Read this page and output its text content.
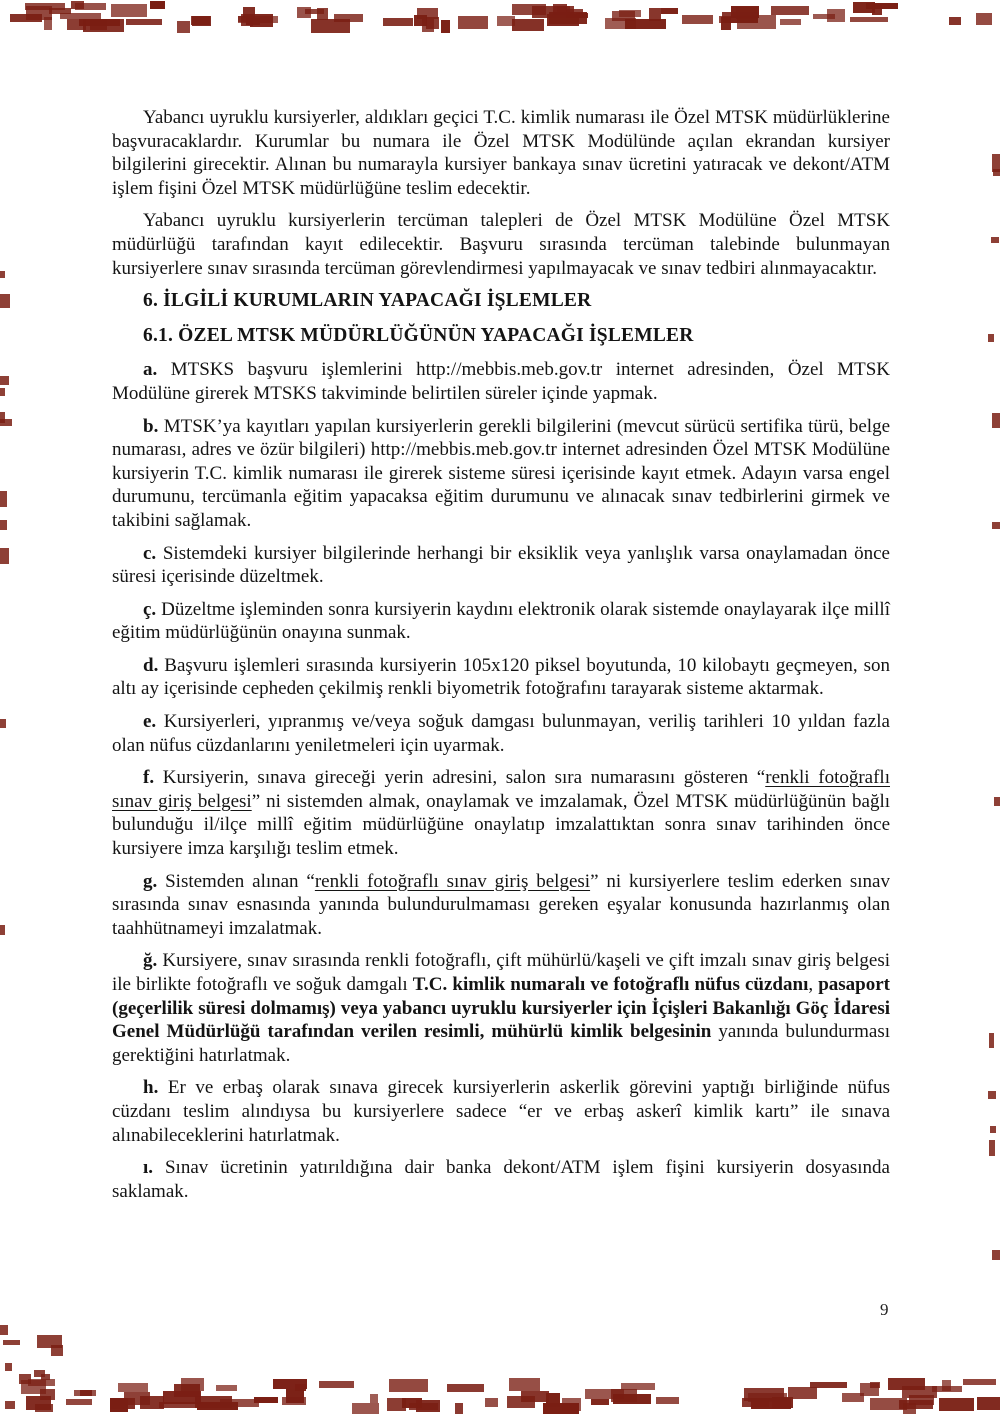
Yabancı uyruklu kursiyerler, aldıkları geçici T.C. kimlik numarası ile Özel MTSK müdürlüklerine başvuracaklardır. Kurumlar bu numara ile Özel MTSK Modülünde açılan ekrandan kursiyer bilgilerini girecektir. Alınan bu numarayla kursiyer bankaya sınav ücretini yatıracak ve dekont/ATM işlem fişini Özel MTSK müdürlüğüne teslim edecektir.

Yabancı uyruklu kursiyerlerin tercüman talepleri de Özel MTSK Modülüne Özel MTSK müdürlüğü tarafından kayıt edilecektir. Başvuru sırasında tercüman talebinde bulunmayan kursiyerlere sınav sırasında tercüman görevlendirmesi yapılmayacak ve sınav tedbiri alınmayacaktır.

6. İLGİLİ KURUMLARIN YAPACAĞI İŞLEMLER

6.1. ÖZEL MTSK MÜDÜRLÜĞÜNÜN YAPACAĞI İŞLEMLER

a. MTSKS başvuru işlemlerini http://mebbis.meb.gov.tr internet adresinden, Özel MTSK Modülüne girerek MTSKS takviminde belirtilen süreler içinde yapmak.

b. MTSK’ya kayıtları yapılan kursiyerlerin gerekli bilgilerini (mevcut sürücü sertifika türü, belge numarası, adres ve özür bilgileri) http://mebbis.meb.gov.tr internet adresinden Özel MTSK Modülüne kursiyerin T.C. kimlik numarası ile girerek sisteme süresi içerisinde kayıt etmek. Adayın varsa engel durumunu, tercümanla eğitim yapacaksa eğitim durumunu ve alınacak sınav tedbirlerini girmek ve takibini sağlamak.

c. Sistemdeki kursiyer bilgilerinde herhangi bir eksiklik veya yanlışlık varsa onaylamadan önce süresi içerisinde düzeltmek.

ç. Düzeltme işleminden sonra kursiyerin kaydını elektronik olarak sistemde onaylayarak ilçe millî eğitim müdürlüğünün onayına sunmak.

d. Başvuru işlemleri sırasında kursiyerin 105x120 piksel boyutunda, 10 kilobaytı geçmeyen, son altı ay içerisinde cepheden çekilmiş renkli biyometrik fotoğrafını tarayarak sisteme aktarmak.

e. Kursiyerleri, yıpranmış ve/veya soğuk damgası bulunmayan, veriliş tarihleri 10 yıldan fazla olan nüfus cüzdanlarını yeniletmeleri için uyarmak.

f. Kursiyerin, sınava gireceği yerin adresini, salon sıra numarasını gösteren “renkli fotoğraflı sınav giriş belgesi” ni sistemden almak, onaylamak ve imzalamak, Özel MTSK müdürlüğünün bağlı bulunduğu il/ilçe millî eğitim müdürlüğüne onaylatıp imzalattıktan sonra sınav tarihinden önce kursiyere imza karşılığı teslim etmek.

g. Sistemden alınan “renkli fotoğraflı sınav giriş belgesi” ni kursiyerlere teslim ederken sınav sırasında sınav esnasında yanında bulundurulmaması gereken eşyalar konusunda hazırlanmış olan taahhütnameyi imzalatmak.

ğ. Kursiyere, sınav sırasında renkli fotoğraflı, çift mühürlü/kaşeli ve çift imzalı sınav giriş belgesi ile birlikte fotoğraflı ve soğuk damgalı T.C. kimlik numaralı ve fotoğraflı nüfus cüzdanı, pasaport (geçerlilik süresi dolmamış) veya yabancı uyruklu kursiyerler için İçişleri Bakanlığı Göç İdaresi Genel Müdürlüğü tarafından verilen resimli, mühürlü kimlik belgesinin yanında bulundurması gerektiğini hatırlatmak.

h. Er ve erbaş olarak sınava girecek kursiyerlerin askerlik görevini yaptığı birliğinde nüfus cüzdanı teslim alındıysa bu kursiyerlere sadece “er ve erbaş askerî kimlik kartı” ile sınava alınabileceklerini hatırlatmak.

ı. Sınav ücretinin yatırıldığına dair banka dekont/ATM işlem fişini kursiyerin dosyasında saklamak.

9
